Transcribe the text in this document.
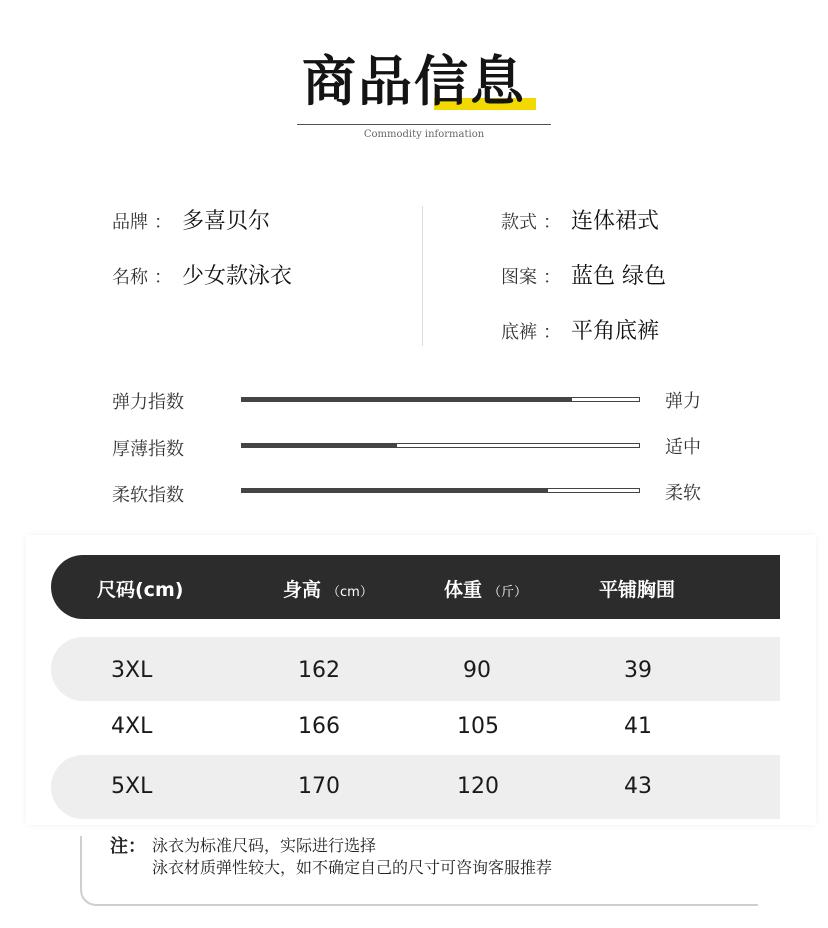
商品信息
Commodity information
品牌 ： 多喜贝尔
名称 ： 少女款泳衣
款式 ： 连体裙式
图案 ： 蓝色 绿色
底裤 ： 平角底裤
弹力指数	弹力
厚薄指数	适中
柔软指数	柔软
尺码(cm)	身高 （cm）	体重 （斤）	平铺胸围
3XL	162	90	39
4XL	166	105	41
5XL	170	120	43
注： 泳衣为标准尺码，实际进行选择
泳衣材质弹性较大，如不确定自己的尺寸可咨询客服推荐
